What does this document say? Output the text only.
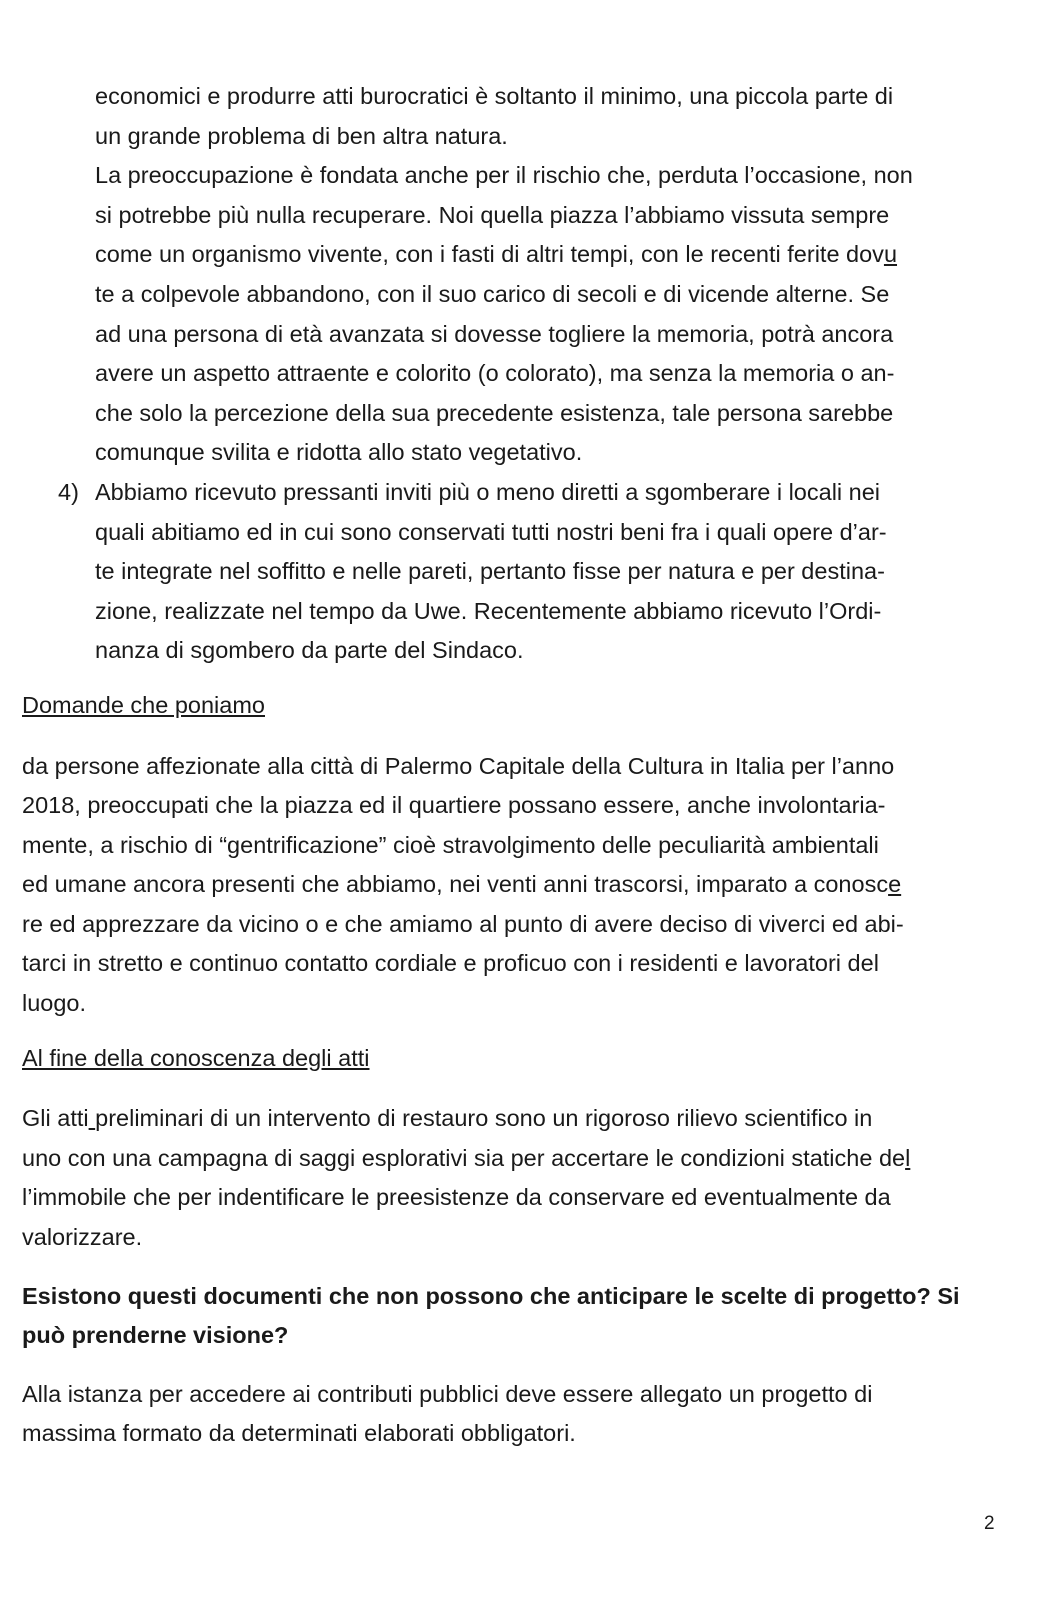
economici e produrre atti burocratici è soltanto il minimo, una piccola parte di
un grande problema di ben altra natura.
La preoccupazione è fondata anche per il rischio che, perduta l’occasione, non
si potrebbe più nulla recuperare. Noi quella piazza l’abbiamo vissuta sempre
come un organismo vivente, con i fasti di altri tempi, con le recenti ferite dovu
te a colpevole abbandono, con il suo carico di secoli e di vicende alterne. Se
ad una persona di età avanzata si dovesse togliere la memoria, potrà ancora
avere un aspetto attraente e colorito (o colorato), ma senza la memoria o an-
che solo la percezione della sua precedente esistenza, tale persona sarebbe
comunque svilita e ridotta allo stato vegetativo.
4) Abbiamo ricevuto pressanti inviti più o meno diretti a sgomberare i locali nei
quali abitiamo ed in cui sono conservati tutti nostri beni fra i quali opere d’ar-
te integrate nel soffitto e nelle pareti, pertanto fisse per natura e per destina-
zione, realizzate nel tempo da Uwe. Recentemente abbiamo ricevuto l’Ordi-
nanza di sgombero da parte del Sindaco.
Domande che poniamo
da persone affezionate alla città di Palermo Capitale della Cultura in Italia per l’anno
2018, preoccupati che la piazza ed il quartiere possano essere, anche involontaria-
mente, a rischio di “gentrificazione” cioè stravolgimento delle peculiarità ambientali
ed umane ancora presenti che abbiamo, nei venti anni trascorsi, imparato a conosce
re ed apprezzare da vicino o e che amiamo al punto di avere deciso di viverci ed abi-
tarci in stretto e continuo contatto cordiale e proficuo con i residenti e lavoratori del
luogo.
Al fine della conoscenza degli atti
Gli atti preliminari di un intervento di restauro sono un rigoroso rilievo scientifico in
uno con una campagna di saggi esplorativi sia per accertare le condizioni statiche del
l’immobile che per indentificare le preesistenze da conservare ed eventualmente da
valorizzare.
Esistono questi documenti che non possono che anticipare le scelte di progetto? Si
può prenderne visione?
Alla istanza per accedere ai contributi pubblici deve essere allegato un progetto di
massima formato da determinati elaborati obbligatori.
2
